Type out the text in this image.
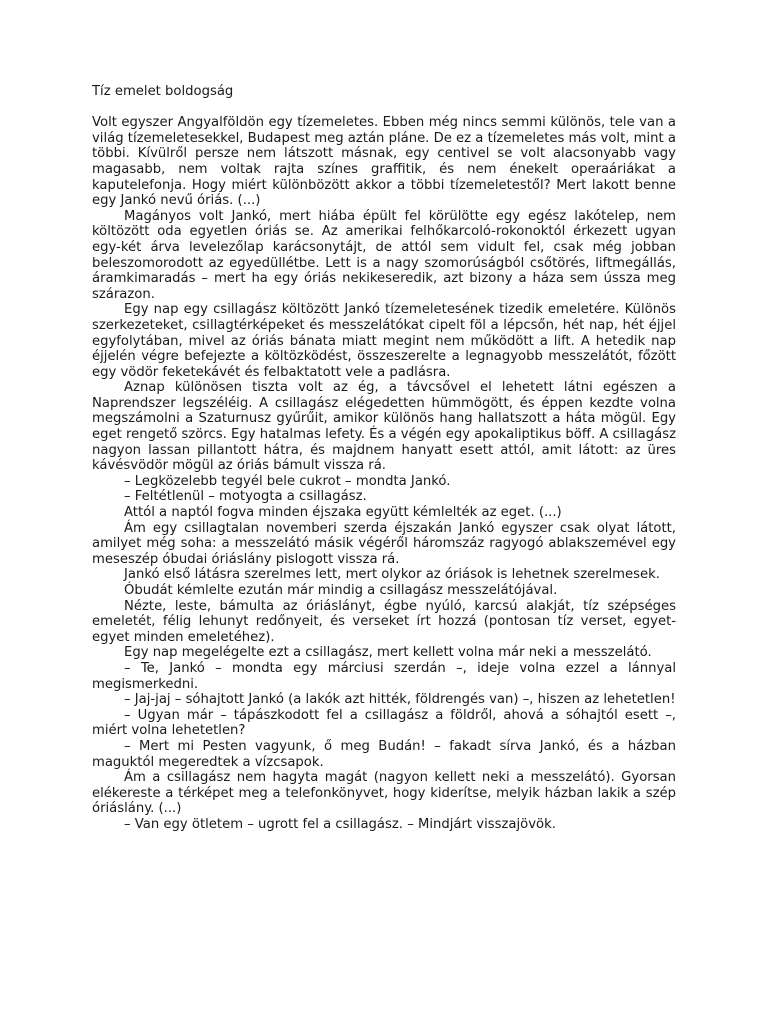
Tíz emelet boldogság

Volt egyszer Angyalföldön egy tízemeletes. Ebben még nincs semmi különös, tele van a világ tízemeletesekkel, Budapest meg aztán pláne. De ez a tízemeletes más volt, mint a többi. Kívülről persze nem látszott másnak, egy centivel se volt alacsonyabb vagy magasabb, nem voltak rajta színes graffitik, és nem énekelt operaáriákat a kaputelefonja. Hogy miért különbözött akkor a többi tízemeletestől? Mert lakott benne egy Jankó nevű óriás. (...)

Magányos volt Jankó, mert hiába épült fel körülötte egy egész lakótelep, nem költözött oda egyetlen óriás se. Az amerikai felhőkarcoló-rokonoktól érkezett ugyan egy-két árva levelezőlap karácsonytájt, de attól sem vidult fel, csak még jobban beleszomorodott az egyedüllétbe. Lett is a nagy szomorúságból csőtörés, liftmegállás, áramkimaradás – mert ha egy óriás nekikeseredik, azt bizony a háza sem ússza meg szárazon.

Egy nap egy csillagász költözött Jankó tízemeletesének tizedik emeletére. Különös szerkezeteket, csillagtérképeket és messzelátókat cipelt föl a lépcsőn, hét nap, hét éjjel egyfolytában, mivel az óriás bánata miatt megint nem működött a lift. A hetedik nap éjjelén végre befejezte a költözködést, összeszerelte a legnagyobb messzelátót, főzött egy vödör feketekávét és felbaktatott vele a padlásra.

Aznap különösen tiszta volt az ég, a távcsővel el lehetett látni egészen a Naprendszer legszéléig. A csillagász elégedetten hümmögött, és éppen kezdte volna megszámolni a Szaturnusz gyűrűit, amikor különös hang hallatszott a háta mögül. Egy eget rengető szörcs. Egy hatalmas lefety. És a végén egy apokaliptikus böff. A csillagász nagyon lassan pillantott hátra, és majdnem hanyatt esett attól, amit látott: az üres kávésvödör mögül az óriás bámult vissza rá.

– Legközelebb tegyél bele cukrot – mondta Jankó.

– Feltétlenül – motyogta a csillagász.

Attól a naptól fogva minden éjszaka együtt kémlelték az eget. (...)

Ám egy csillagtalan novemberi szerda éjszakán Jankó egyszer csak olyat látott, amilyet még soha: a messzelátó másik végéről háromszáz ragyogó ablakszemével egy meseszép óbudai óriáslány pislogott vissza rá.

Jankó első látásra szerelmes lett, mert olykor az óriások is lehetnek szerelmesek.

Óbudát kémlelte ezután már mindig a csillagász messzelátójával.

Nézte, leste, bámulta az óriáslányt, égbe nyúló, karcsú alakját, tíz szépséges emeletét, félig lehunyt redőnyeit, és verseket írt hozzá (pontosan tíz verset, egyet-egyet minden emeletéhez).

Egy nap megelégelte ezt a csillagász, mert kellett volna már neki a messzelátó.

– Te, Jankó – mondta egy márciusi szerdán –, ideje volna ezzel a lánnyal megismerkedni.

– Jaj-jaj – sóhajtott Jankó (a lakók azt hitték, földrengés van) –, hiszen az lehetetlen!

– Ugyan már – tápászkodott fel a csillagász a földről, ahová a sóhajtól esett –, miért volna lehetetlen?

– Mert mi Pesten vagyunk, ő meg Budán! – fakadt sírva Jankó, és a házban maguktól megeredtek a vízcsapok.

Ám a csillagász nem hagyta magát (nagyon kellett neki a messzelátó). Gyorsan elékereste a térképet meg a telefonkönyvet, hogy kiderítse, melyik házban lakik a szép óriáslány. (...)

– Van egy ötletem – ugrott fel a csillagász. – Mindjárt visszajövök.
